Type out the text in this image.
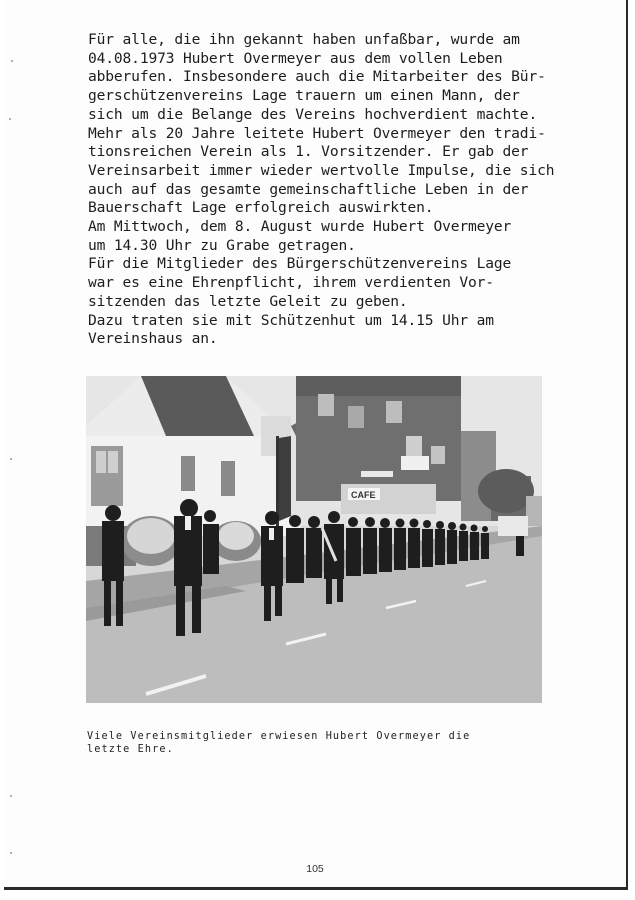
Für alle, die ihn gekannt haben unfaßbar, wurde am
04.08.1973 Hubert Overmeyer aus dem vollen Leben
abberufen. Insbesondere auch die Mitarbeiter des Bür-
gerschützenvereins Lage trauern um einen Mann, der
sich um die Belange des Vereins hochverdient machte.
Mehr als 20 Jahre leitete Hubert Overmeyer den tradi-
tionsreichen Verein als 1. Vorsitzender. Er gab der
Vereinsarbeit immer wieder wertvolle Impulse, die sich
auch auf das gesamte gemeinschaftliche Leben in der
Bauerschaft Lage erfolgreich auswirkten.
Am Mittwoch, dem 8. August wurde Hubert Overmeyer
um 14.30 Uhr zu Grabe getragen.
Für die Mitglieder des Bürgerschützenvereins Lage
war es eine Ehrenpflicht, ihrem verdienten Vor-
sitzenden das letzte Geleit zu geben.
Dazu traten sie mit Schützenhut um 14.15 Uhr am
Vereinshaus an.
CAFE
Viele Vereinsmitglieder erwiesen Hubert Overmeyer die
letzte Ehre.
105
